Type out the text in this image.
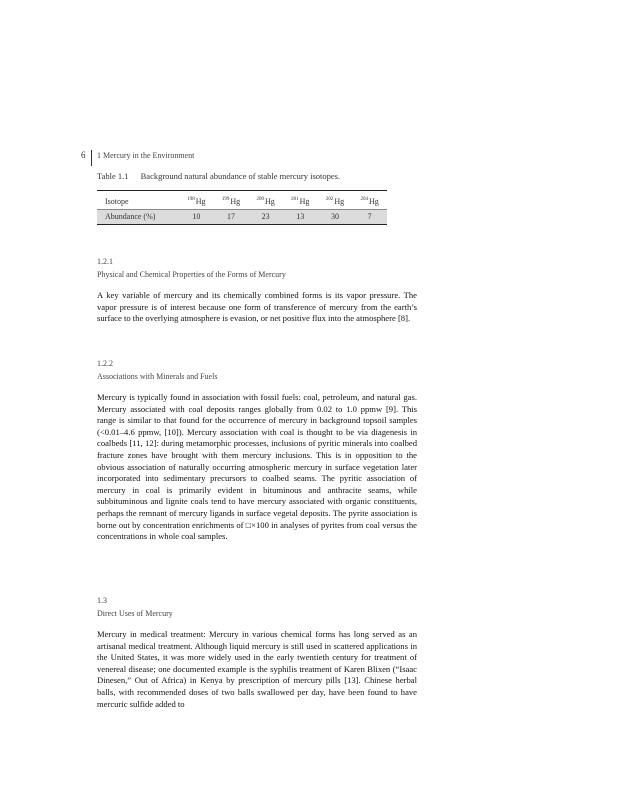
6 1 Mercury in the Environment
Table 1.1 Background natural abundance of stable mercury isotopes.
Isotope	$^{198}$Hg	$^{199}$Hg	$^{200}$Hg	$^{201}$Hg	$^{202}$Hg	$^{204}$Hg
Abundance (%)	10	17	23	13	30	7
1.2.1
Physical and Chemical Properties of the Forms of Mercury

A key variable of mercury and its chemically combined forms is its vapor pressure. The vapor pressure is of interest because one form of transference of mercury from the earth’s surface to the overlying atmosphere is evasion, or net positive flux into the atmosphere [8].

1.2.2
Associations with Minerals and Fuels

Mercury is typically found in association with fossil fuels: coal, petroleum, and natural gas. Mercury associated with coal deposits ranges globally from 0.02 to 1.0 ppmw [9]. This range is similar to that found for the occurrence of mercury in background topsoil samples (<0.01–4.6 ppmw, [10]). Mercury association with coal is thought to be via diagenesis in coalbeds [11, 12]: during metamorphic processes, inclusions of pyritic minerals into coalbed fracture zones have brought with them mercury inclusions. This is in opposition to the obvious association of naturally occurring atmospheric mercury in surface vegetation later incorporated into sedimentary precursors to coalbed seams. The pyritic association of mercury in coal is primarily evident in bituminous and anthracite seams, while subbituminous and lignite coals tend to have mercury associated with organic constituents, perhaps the remnant of mercury ligands in surface vegetal deposits. The pyrite association is borne out by concentration enrichments of □×100 in analyses of pyrites from coal versus the concentrations in whole coal samples.

1.3
Direct Uses of Mercury

Mercury in medical treatment: Mercury in various chemical forms has long served as an artisanal medical treatment. Although liquid mercury is still used in scattered applications in the United States, it was more widely used in the early twentieth century for treatment of venereal disease; one documented example is the syphilis treatment of Karen Blixen (“Isaac Dinesen,” Out of Africa) in Kenya by prescription of mercury pills [13]. Chinese herbal balls, with recommended doses of two balls swallowed per day, have been found to have mercuric sulfide added to
